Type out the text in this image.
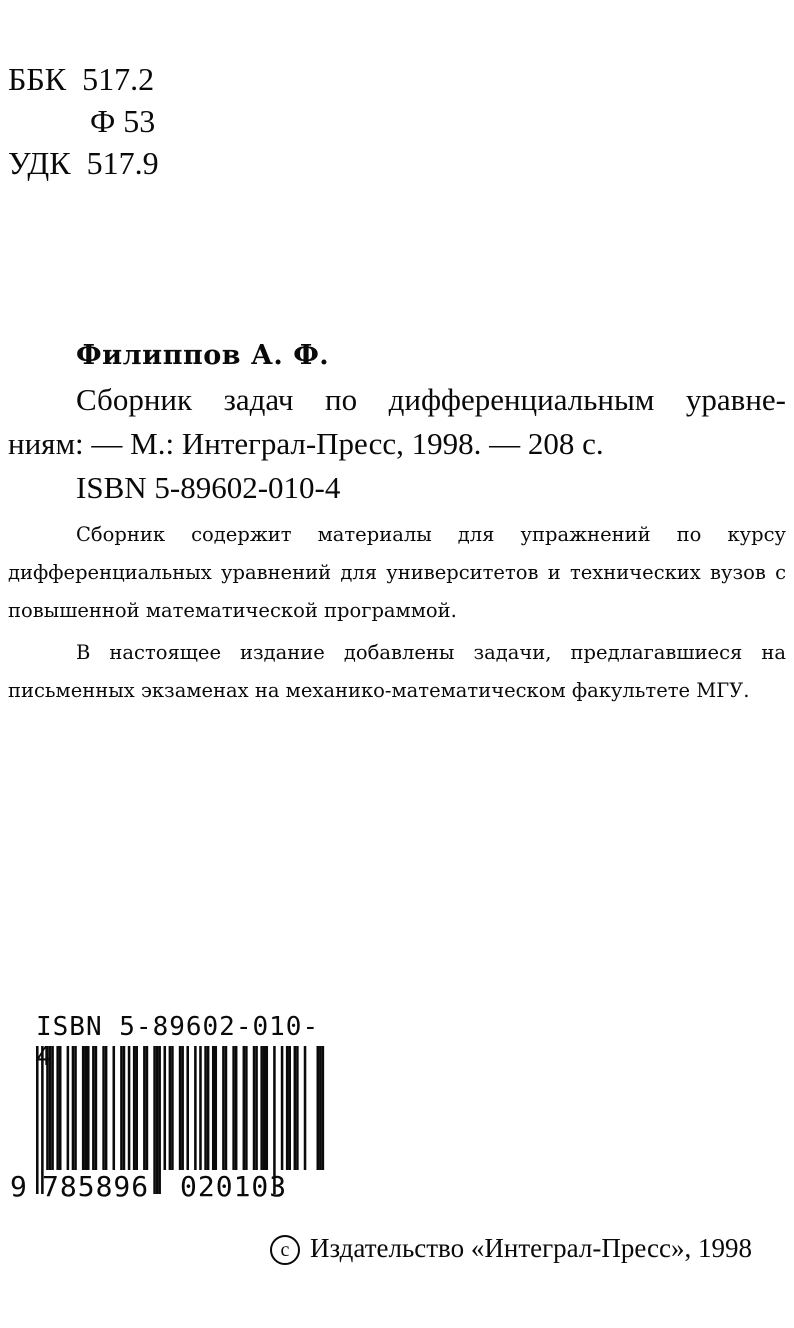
ББК  517.2
Ф 53
УДК  517.9
Филиппов А. Ф.
Сборник задач по дифференциальным уравне-
ниям: — М.: Интеграл-Пресс, 1998. — 208 с.
ISBN 5-89602-010-4
Сборник содержит материалы для упражнений по курсу дифференциальных уравнений для университетов и технических вузов с повышенной математической программой.
В настоящее издание добавлены задачи, предлагавшиеся на письменных экзаменах на механико-математическом факультете МГУ.
ISBN 5-89602-010-4
9 785896 020103
c Издательство «Интеграл-Пресс», 1998
